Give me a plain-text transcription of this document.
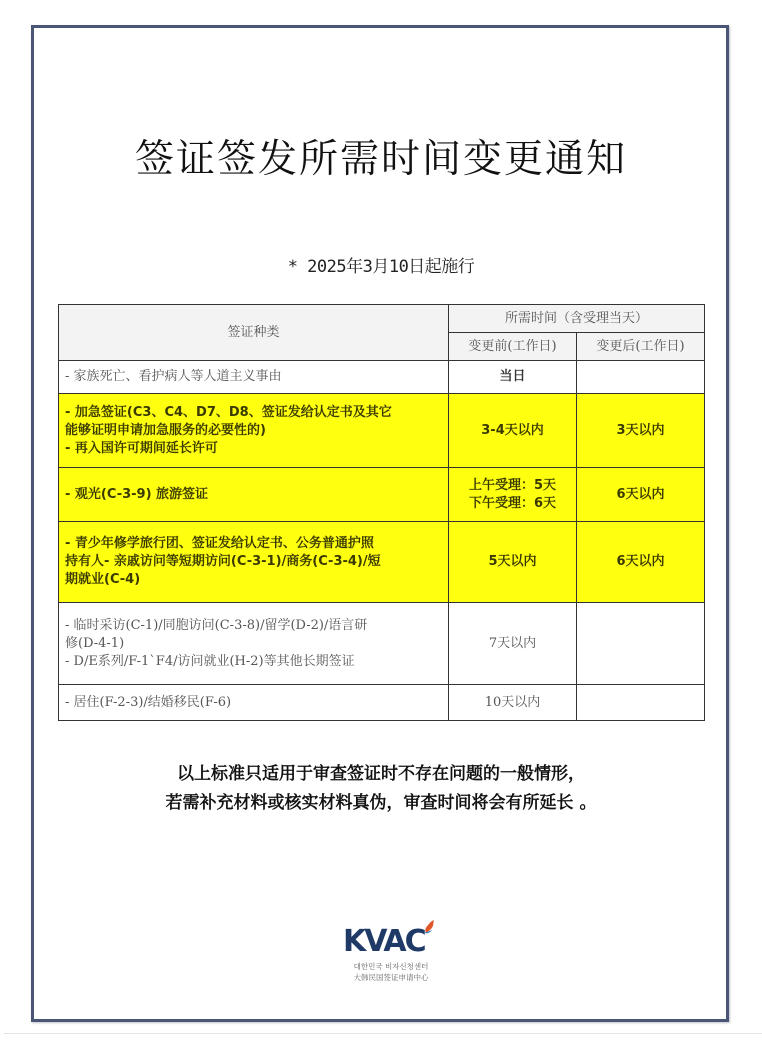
签证签发所需时间变更通知
* 2025年3月10日起施行
签证种类	所需时间（含受理当天）	
	变更前(工作日)	变更后(工作日)

- 家族死亡、看护病人等人道主义事由	当日	

- 加急签证(C3、C4、D7、D8、签证发给认定书及其它
能够证明申请加急服务的必要性的)
- 再入国许可期间延长许可	3-4天以内	3天以内

- 观光(C-3-9) 旅游签证	上午受理：5天
下午受理：6天	6天以内

- 青少年修学旅行团、签证发给认定书、公务普通护照
持有人- 亲戚访问等短期访问(C-3-1)/商务(C-3-4)/短
期就业(C-4)	5天以内	6天以内

- 临时采访(C-1)/同胞访问(C-3-8)/留学(D-2)/语言研
修(D-4-1)
- D/E系列/F-1`F4/访问就业(H-2)等其他长期签证	7天以内	

- 居住(F-2-3)/结婚移民(F-6)	10天以内	

以上标准只适用于审查签证时不存在问题的一般情形，
若需补充材料或核实材料真伪，审查时间将会有所延长 。
KVAC
대한민국 비자신청센터
大韩民国签证申请中心
